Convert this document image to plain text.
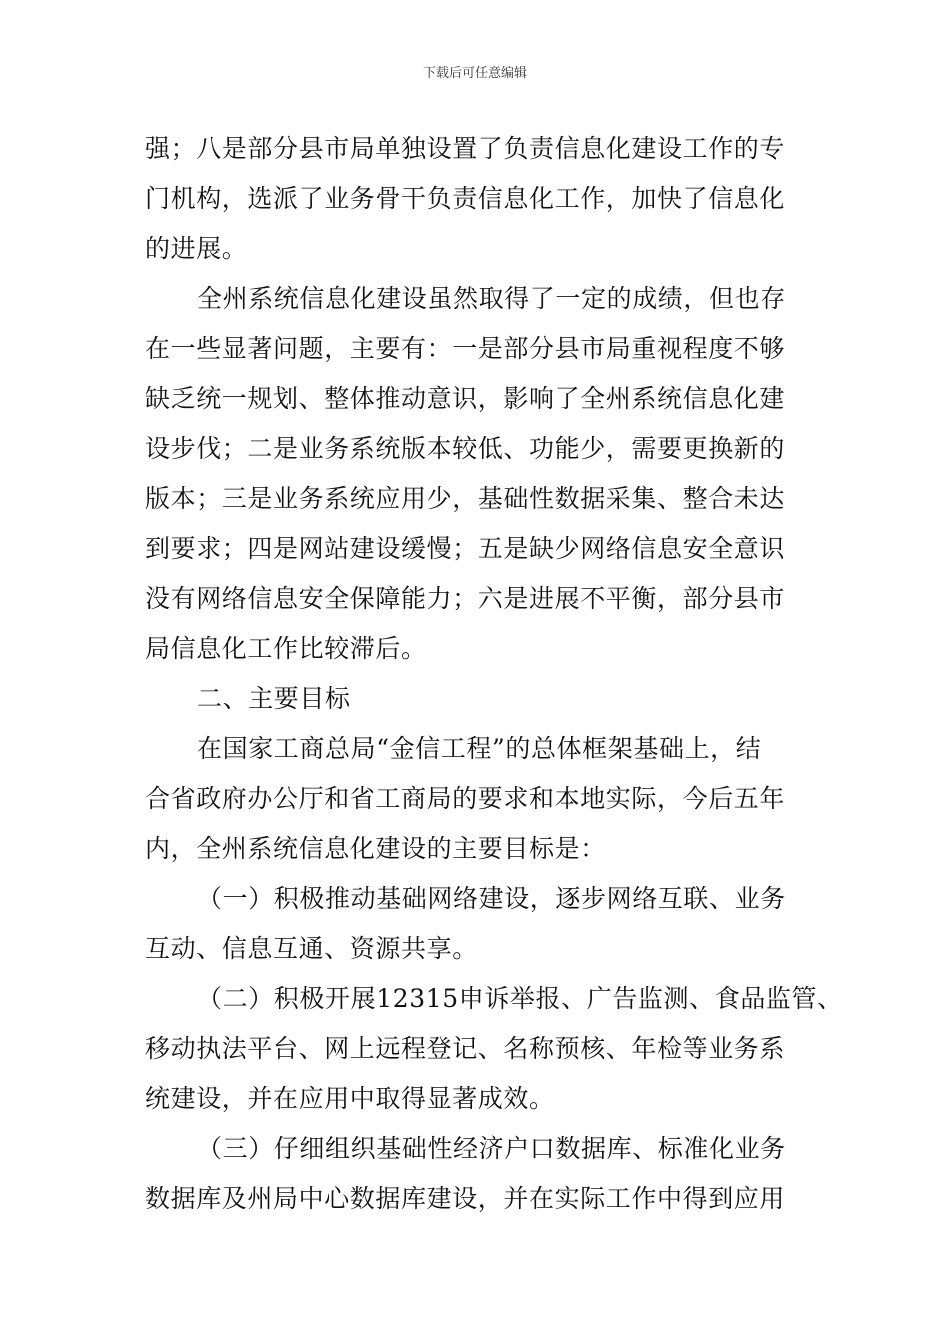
下载后可任意编辑
强；八是部分县市局单独设置了负责信息化建设工作的专
门机构，选派了业务骨干负责信息化工作，加快了信息化
的进展。
全州系统信息化建设虽然取得了一定的成绩，但也存
在一些显著问题，主要有：一是部分县市局重视程度不够
缺乏统一规划、整体推动意识，影响了全州系统信息化建
设步伐；二是业务系统版本较低、功能少，需要更换新的
版本；三是业务系统应用少，基础性数据采集、整合未达
到要求；四是网站建设缓慢；五是缺少网络信息安全意识
没有网络信息安全保障能力；六是进展不平衡，部分县市
局信息化工作比较滞后。
二、主要目标
在国家工商总局“金信工程”的总体框架基础上，结
合省政府办公厅和省工商局的要求和本地实际，今后五年
内，全州系统信息化建设的主要目标是：
（一）积极推动基础网络建设，逐步网络互联、业务
互动、信息互通、资源共享。
（二）积极开展12315申诉举报、广告监测、食品监管、
移动执法平台、网上远程登记、名称预核、年检等业务系
统建设，并在应用中取得显著成效。
（三）仔细组织基础性经济户口数据库、标准化业务
数据库及州局中心数据库建设，并在实际工作中得到应用
